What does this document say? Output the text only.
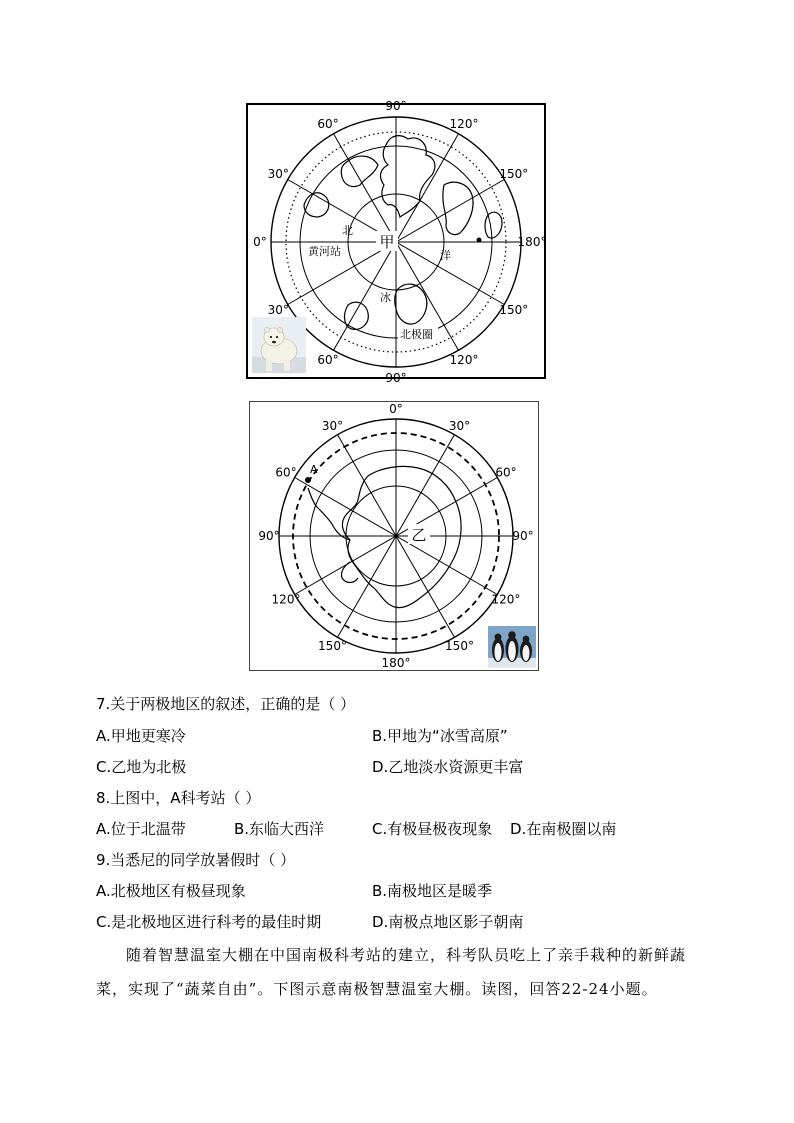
90°
120°
150°
180°
150°
120°
90°
60°
30°
0°
30°
60°
北
洋
冰
黄河站
北极圈
甲
0°
30°
60°
90°
120°
150°
180°
150°
120°
90°
60°
30°
乙
A
7.关于两极地区的叙述，正确的是（ ）
A.甲地更寒冷	B.甲地为“冰雪高原”
C.乙地为北极	D.乙地淡水资源更丰富
8.上图中，A科考站（ ）
A.位于北温带	B.东临大西洋	C.有极昼极夜现象 D.在南极圈以南
9.当悉尼的同学放暑假时（ ）
A.北极地区有极昼现象	B.南极地区是暖季
C.是北极地区进行科考的最佳时期	D.南极点地区影子朝南
随着智慧温室大棚在中国南极科考站的建立，科考队员吃上了亲手栽种的新鲜蔬
菜，实现了“蔬菜自由”。下图示意南极智慧温室大棚。读图，回答22-24小题。
